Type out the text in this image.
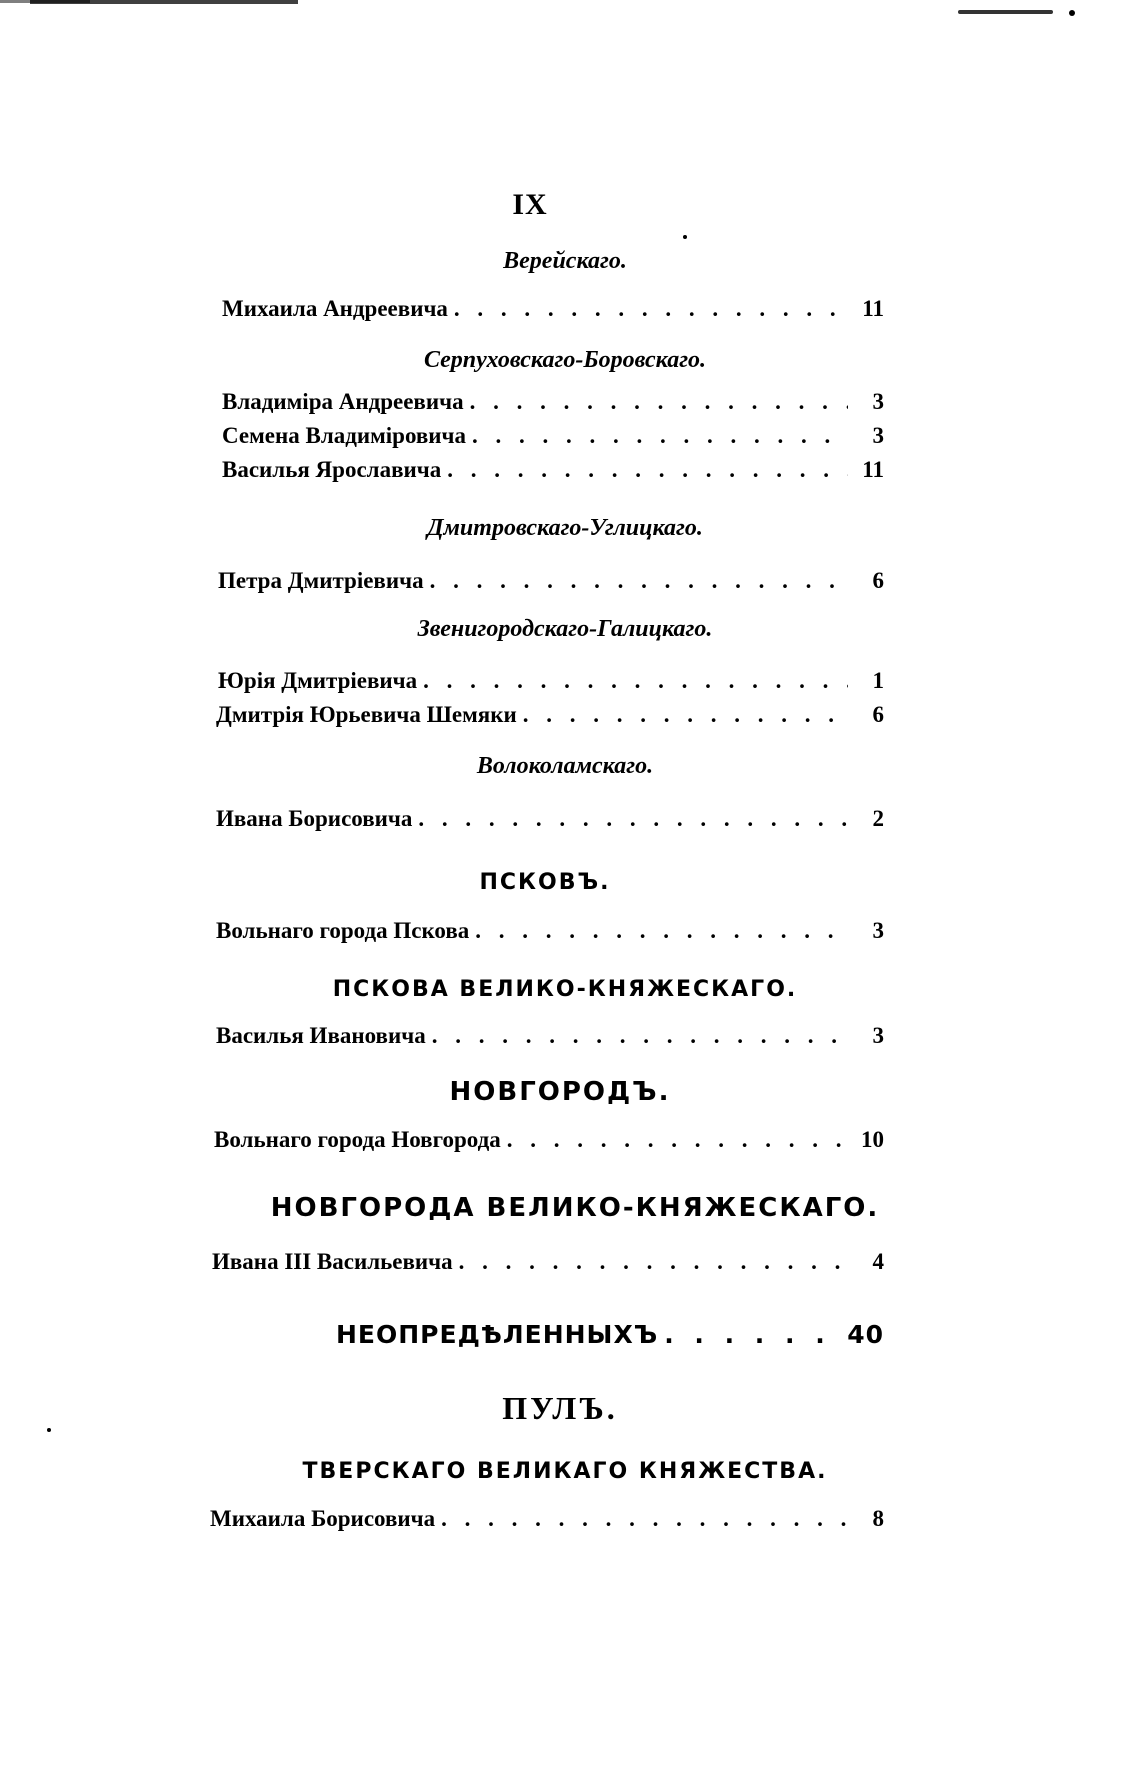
IX
Верейскаго.
Михаила Андреевича . . .	11
Серпуховскаго-Боровскаго.
Владиміра Андреевича . . .	3
Семена Владиміровича . . .	3
Василья Ярославича . . .	11
Дмитровскаго-Углицкаго.
Петра Дмитріевича . . .	6
Звенигородскаго-Галицкаго.
Юрія Дмитріевича . . .	1
Дмитрія Юрьевича Шемяки . . .	6
Волоколамскаго.
Ивана Борисовича . . .	2
ПСКОВЪ.
Вольнаго города Пскова . . .	3
ПСКОВА ВЕЛИКО-КНЯЖЕСКАГО.
Василья Ивановича . . .	3
НОВГОРОДЪ.
Вольнаго города Новгорода . . .	10
НОВГОРОДА ВЕЛИКО-КНЯЖЕСКАГО.
Ивана III Васильевича . . .	4
НЕОПРЕДѢЛЕННЫХЪ . . .	40
ПУЛЪ.
ТВЕРСКАГО ВЕЛИКАГО КНЯЖЕСТВА.
Михаила Борисовича . . .	8
